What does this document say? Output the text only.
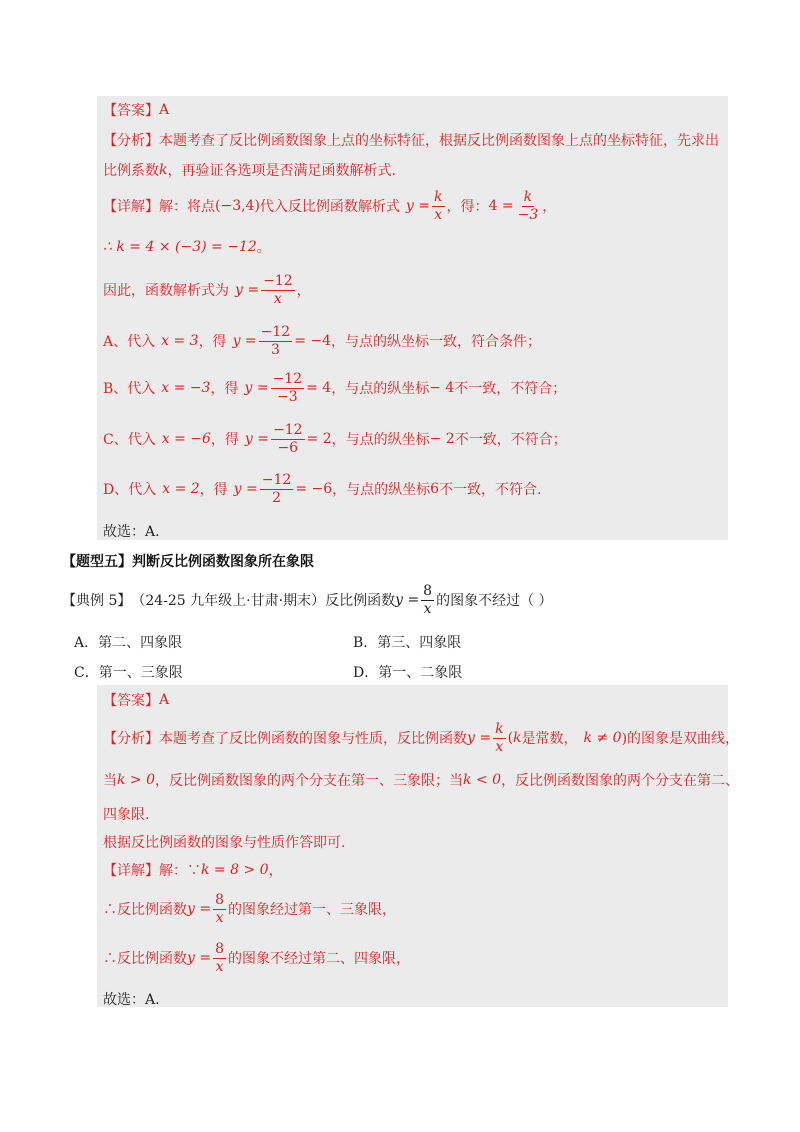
【答案】 A
【分析】 本题考查了反比例函数图象上点的坐标特征，根据反比例函数图象上点的坐标特征，先求出
比例系数 k ，再验证各选项是否满足函数解析式.
【详解】 解：将点 (−3,4) 代入反比例函数解析式 $y = \frac{k}{x}$ ，得： $4 = \frac{k}{-3}$ ，
∴ k = 4 × (−3) = −12 。
因此，函数解析式为 $y = \frac{-12}{x}$ ，
A、代入 x = 3 ，得 $y = \frac{-12}{3} = -4$ ，与点的纵坐标一致，符合条件；
B、代入 x = −3 ，得 $y = \frac{-12}{-3} = 4$ ，与点的纵坐标 − 4 不一致，不符合；
C、代入 x = −6 ，得 $y = \frac{-12}{-6} = 2$ ，与点的纵坐标 − 2 不一致，不符合；
D、代入 x = 2 ，得 $y = \frac{-12}{2} = -6$ ，与点的纵坐标 6 不一致，不符合.
故选：A.
【题型五】判断反比例函数图象所在象限
【典例 5】 （24-25 九年级上·甘肃·期末） 反比例函数 $y = \frac{8}{x}$ 的图象不经过（ ）
A．第二、四象限	B．第三、四象限
C．第一、三象限	D．第一、二象限
【答案】 A
【分析】 本题考查了反比例函数的图象与性质，反比例函数 $y = \frac{k}{x}$ ( k 是常数， k ≠ 0 )的图象是双曲线，
当 k > 0 ，反比例函数图象的两个分支在第一、三象限；当 k < 0 ，反比例函数图象的两个分支在第二、
四象限.
根据反比例函数的图象与性质作答即可.
【详解】 解：∵ k = 8 > 0 ，
∴反比例函数 $y = \frac{8}{x}$ 的图象经过第一、三象限，
∴反比例函数 $y = \frac{8}{x}$ 的图象不经过第二、四象限，
故选：A.
